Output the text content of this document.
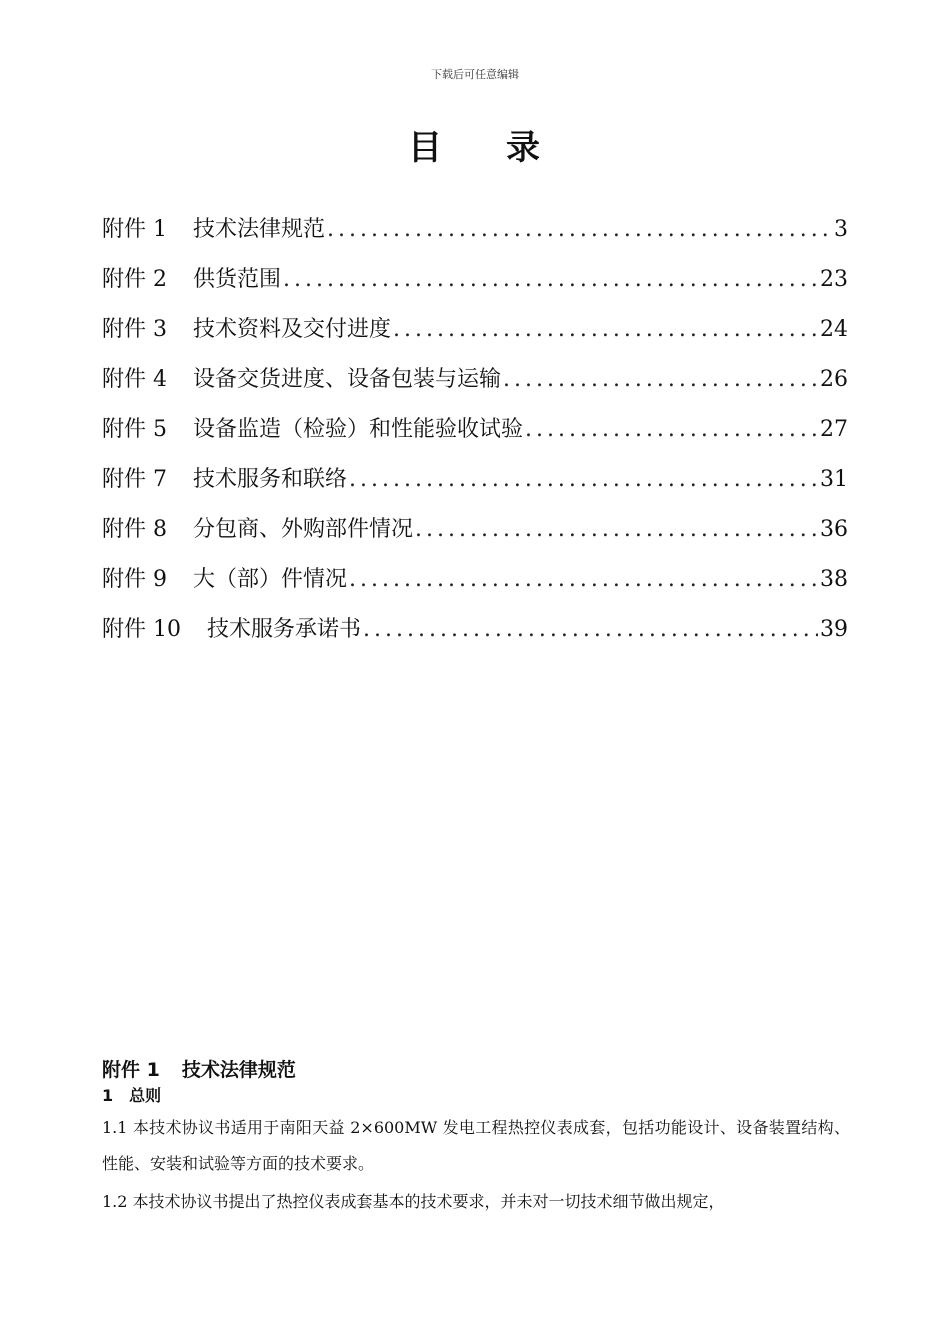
下载后可任意编辑
目 录
附件 1 技术法律规范 .....	3
附件 2 供货范围 .....	23
附件 3 技术资料及交付进度 .....	24
附件 4 设备交货进度、设备包装与运输 .....	26
附件 5 设备监造（检验）和性能验收试验 .....	27
附件 7 技术服务和联络 .....	31
附件 8 分包商、外购部件情况 .....	36
附件 9 大（部）件情况 .....	38
附件 10 技术服务承诺书 .....	39
附件 1 技术法律规范
1 总则

1.1 本技术协议书适用于南阳天益 2×600MW 发电工程热控仪表成套，包括功能设计、设备装置结构、性能、安装和试验等方面的技术要求。

1.2 本技术协议书提出了热控仪表成套基本的技术要求，并未对一切技术细节做出规定，
